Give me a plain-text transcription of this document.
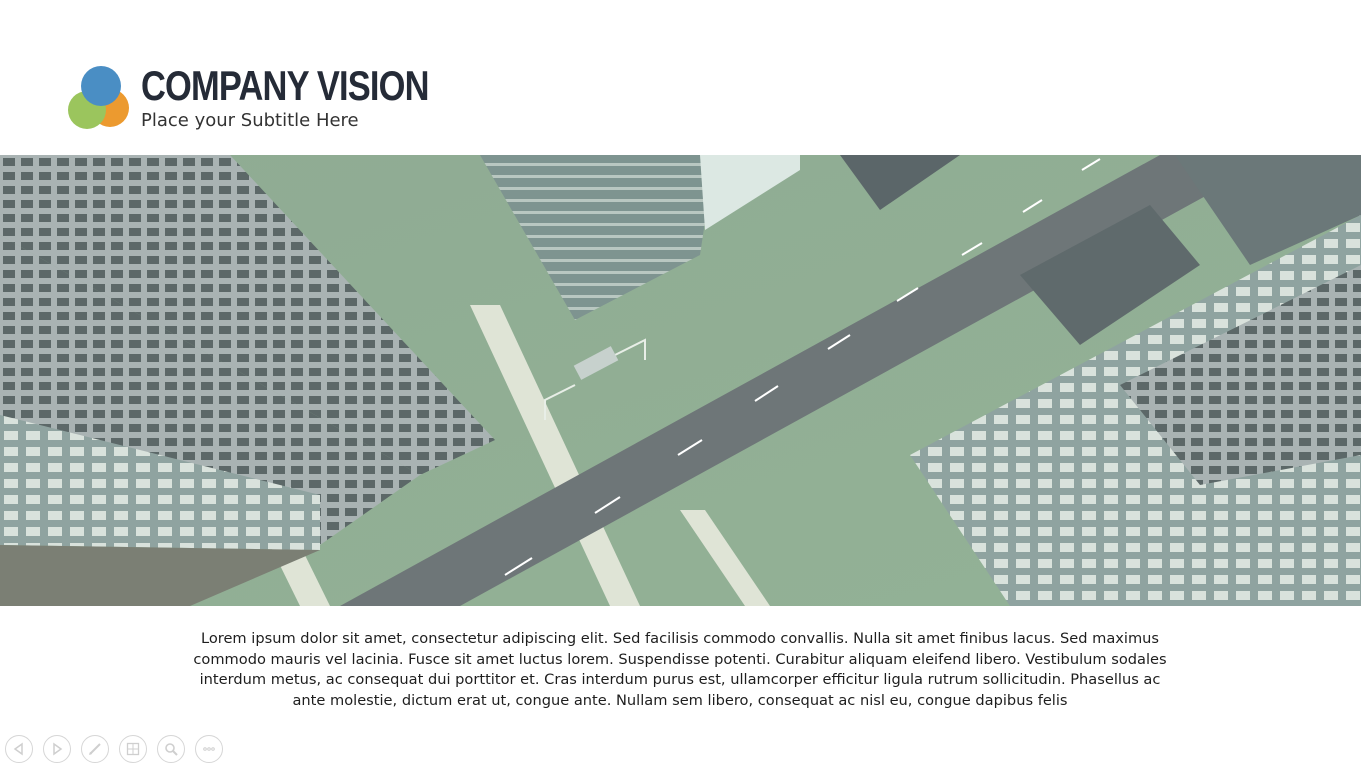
COMPANY VISION
Place your Subtitle Here
Lorem ipsum dolor sit amet, consectetur adipiscing elit. Sed facilisis commodo convallis. Nulla sit amet finibus lacus. Sed maximus commodo mauris vel lacinia. Fusce sit amet luctus lorem. Suspendisse potenti. Curabitur aliquam eleifend libero. Vestibulum sodales interdum metus, ac consequat dui porttitor et. Cras interdum purus est, ullamcorper efficitur ligula rutrum sollicitudin. Phasellus ac ante molestie, dictum erat ut, congue ante. Nullam sem libero, consequat ac nisl eu, congue dapibus felis
